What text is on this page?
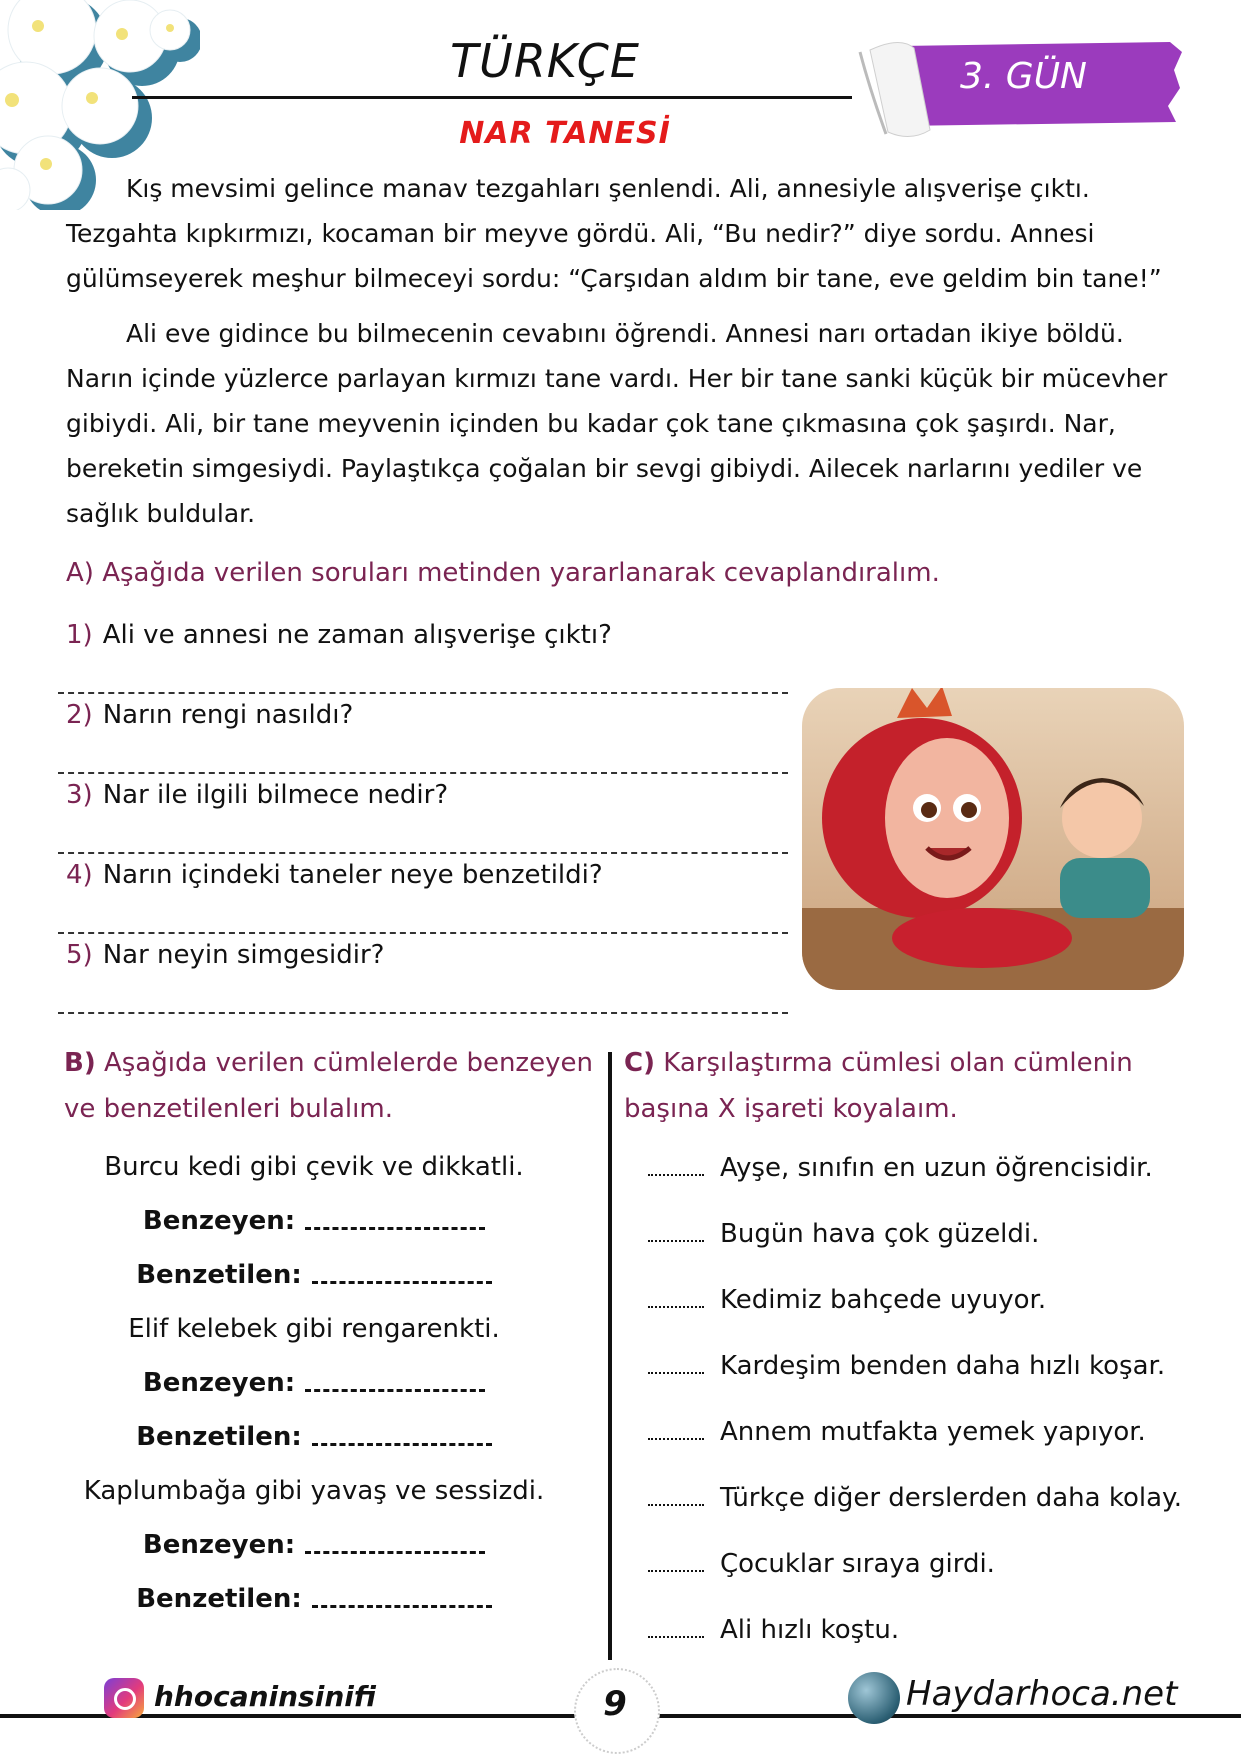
TÜRKÇE
NAR TANESİ
3. GÜN

Kış mevsimi gelince manav tezgahları şenlendi. Ali, annesiyle alışverişe çıktı. Tezgahta kıpkırmızı, kocaman bir meyve gördü. Ali, “Bu nedir?” diye sordu. Annesi gülümseyerek meşhur bilmeceyi sordu: “Çarşıdan aldım bir tane, eve geldim bin tane!”

Ali eve gidince bu bilmecenin cevabını öğrendi. Annesi narı ortadan ikiye böldü. Narın içinde yüzlerce parlayan kırmızı tane vardı. Her bir tane sanki küçük bir mücevher gibiydi. Ali, bir tane meyvenin içinden bu kadar çok tane çıkmasına çok şaşırdı. Nar, bereketin simgesiydi. Paylaştıkça çoğalan bir sevgi gibiydi. Ailecek narlarını yediler ve sağlık buldular.

A) Aşağıda verilen soruları metinden yararlanarak cevaplandıralım.
1) Ali ve annesi ne zaman alışverişe çıktı?
2) Narın rengi nasıldı?
3) Nar ile ilgili bilmece nedir?
4) Narın içindeki taneler neye benzetildi?
5) Nar neyin simgesidir?
B) Aşağıda verilen cümlelerde benzeyen ve benzetilenleri bulalım.
Burcu kedi gibi çevik ve dikkatli.
Benzeyen:
Benzetilen:
Elif kelebek gibi rengarenkti.
Benzeyen:
Benzetilen:
Kaplumbağa gibi yavaş ve sessizdi.
Benzeyen:
Benzetilen:
C) Karşılaştırma cümlesi olan cümlenin başına X işareti koyalaım.
Ayşe, sınıfın en uzun öğrencisidir.
Bugün hava çok güzeldi.
Kedimiz bahçede uyuyor.
Kardeşim benden daha hızlı koşar.
Annem mutfakta yemek yapıyor.
Türkçe diğer derslerden daha kolay.
Çocuklar sıraya girdi.
Ali hızlı koştu.
hhocaninsinifi	9	Haydarhoca.net
